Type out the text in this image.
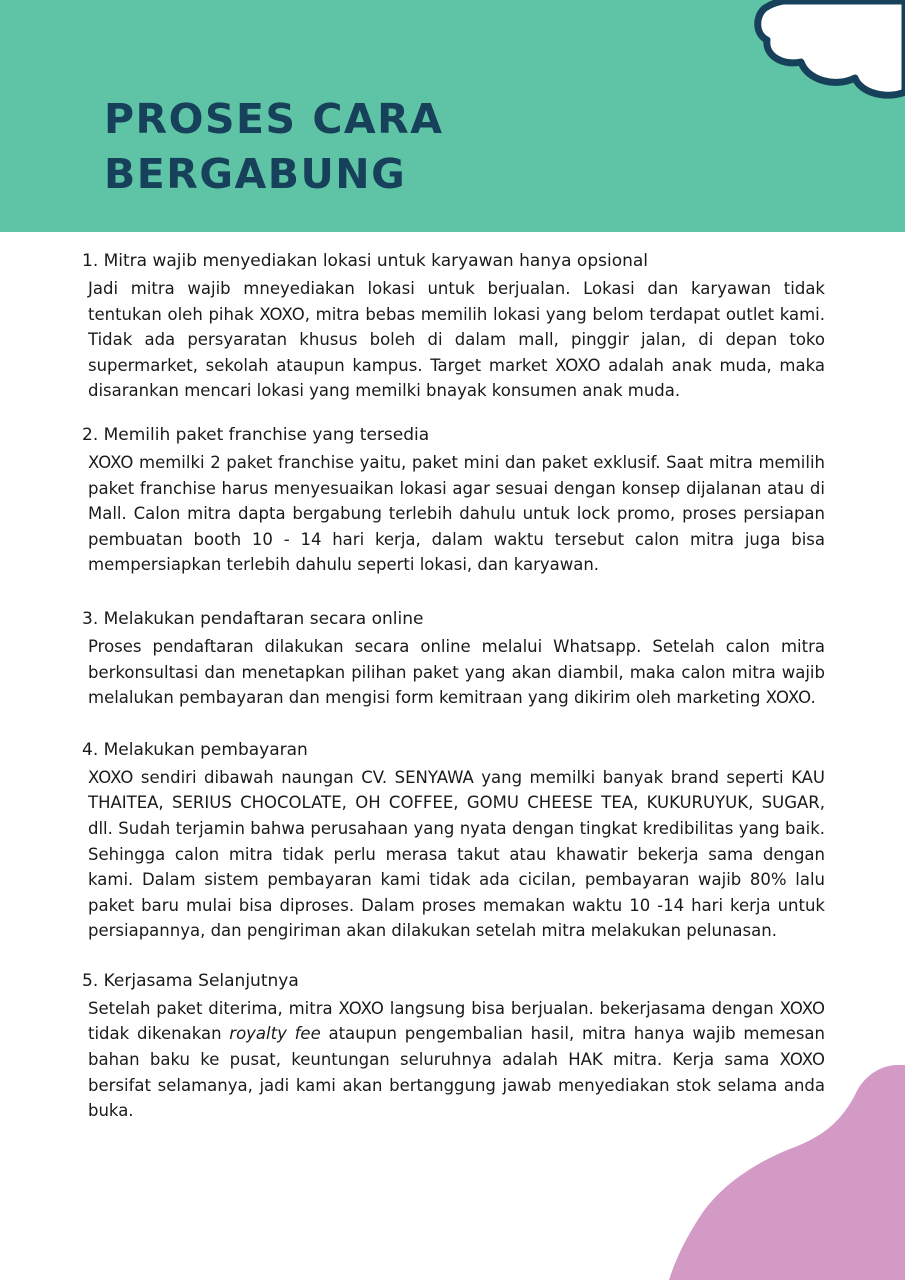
PROSES CARA
BERGABUNG

1. Mitra wajib menyediakan lokasi untuk karyawan hanya opsional

Jadi mitra wajib mneyediakan lokasi untuk berjualan. Lokasi dan karyawan tidak tentukan oleh pihak XOXO, mitra bebas memilih lokasi yang belom terdapat outlet kami. Tidak ada persyaratan khusus boleh di dalam mall, pinggir jalan, di depan toko supermarket, sekolah ataupun kampus. Target market XOXO adalah anak muda, maka disarankan mencari lokasi yang memilki bnayak konsumen anak muda.

2. Memilih paket franchise yang tersedia

XOXO memilki 2 paket franchise yaitu, paket mini dan paket exklusif. Saat mitra memilih paket franchise harus menyesuaikan lokasi agar sesuai dengan konsep dijalanan atau di Mall. Calon mitra dapta bergabung terlebih dahulu untuk lock promo, proses persiapan pembuatan booth 10 - 14 hari kerja, dalam waktu tersebut calon mitra juga bisa mempersiapkan terlebih dahulu seperti lokasi, dan karyawan.

3. Melakukan pendaftaran secara online

Proses pendaftaran dilakukan secara online melalui Whatsapp. Setelah calon mitra berkonsultasi dan menetapkan pilihan paket yang akan diambil, maka calon mitra wajib melalukan pembayaran dan mengisi form kemitraan yang dikirim oleh marketing XOXO.

4. Melakukan pembayaran

XOXO sendiri dibawah naungan CV. SENYAWA yang memilki banyak brand seperti KAU THAITEA, SERIUS CHOCOLATE, OH COFFEE, GOMU CHEESE TEA, KUKURUYUK, SUGAR, dll. Sudah terjamin bahwa perusahaan yang nyata dengan tingkat kredibilitas yang baik. Sehingga calon mitra tidak perlu merasa takut atau khawatir bekerja sama dengan kami. Dalam sistem pembayaran kami tidak ada cicilan, pembayaran wajib 80% lalu paket baru mulai bisa diproses. Dalam proses memakan waktu 10 -14 hari kerja untuk persiapannya, dan pengiriman akan dilakukan setelah mitra melakukan pelunasan.

5. Kerjasama Selanjutnya

Setelah paket diterima, mitra XOXO langsung bisa berjualan. bekerjasama dengan XOXO tidak dikenakan royalty fee ataupun pengembalian hasil, mitra hanya wajib memesan bahan baku ke pusat, keuntungan seluruhnya adalah HAK mitra. Kerja sama XOXO bersifat selamanya, jadi kami akan bertanggung jawab menyediakan stok selama anda buka.
